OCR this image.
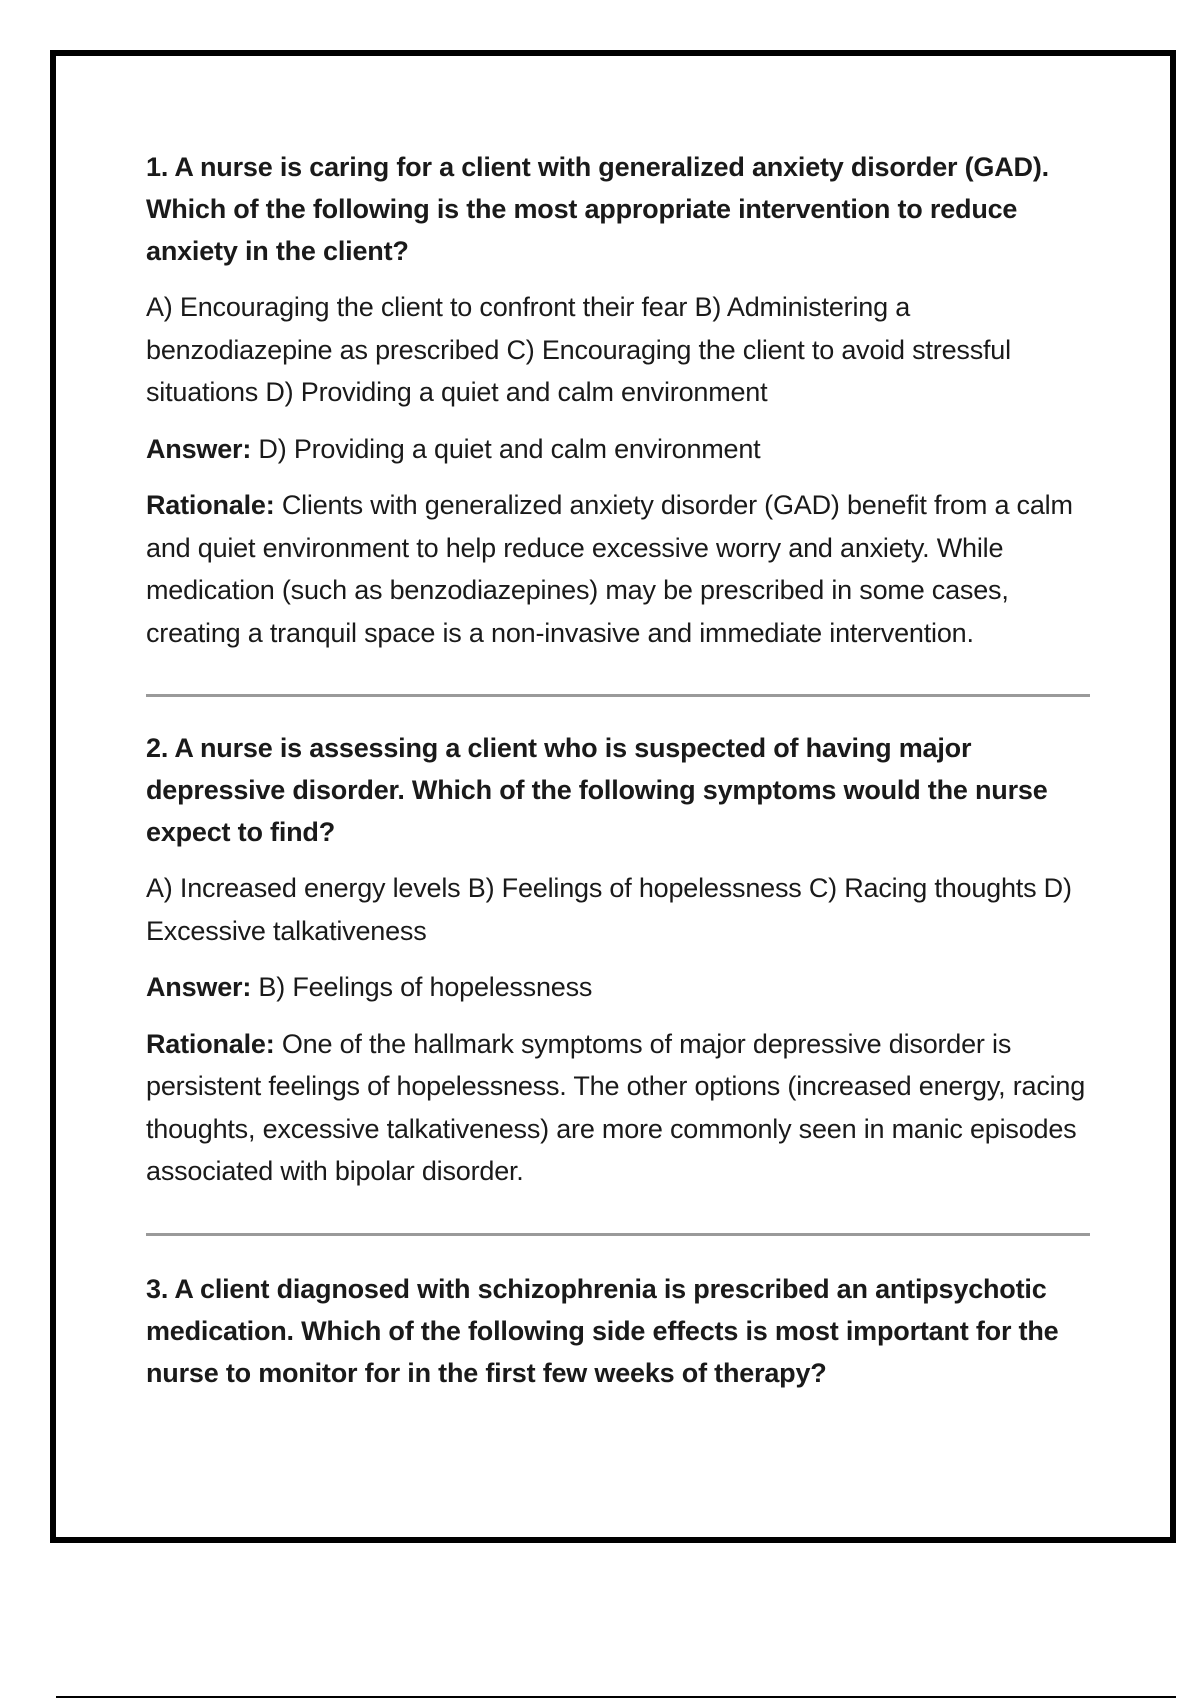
1. A nurse is caring for a client with generalized anxiety disorder (GAD). Which of the following is the most appropriate intervention to reduce anxiety in the client?

A) Encouraging the client to confront their fear B) Administering a benzodiazepine as prescribed C) Encouraging the client to avoid stressful situations D) Providing a quiet and calm environment

Answer: D) Providing a quiet and calm environment

Rationale: Clients with generalized anxiety disorder (GAD) benefit from a calm and quiet environment to help reduce excessive worry and anxiety. While medication (such as benzodiazepines) may be prescribed in some cases, creating a tranquil space is a non-invasive and immediate intervention.

2. A nurse is assessing a client who is suspected of having major depressive disorder. Which of the following symptoms would the nurse expect to find?

A) Increased energy levels B) Feelings of hopelessness C) Racing thoughts D) Excessive talkativeness

Answer: B) Feelings of hopelessness

Rationale: One of the hallmark symptoms of major depressive disorder is persistent feelings of hopelessness. The other options (increased energy, racing thoughts, excessive talkativeness) are more commonly seen in manic episodes associated with bipolar disorder.

3. A client diagnosed with schizophrenia is prescribed an antipsychotic medication. Which of the following side effects is most important for the nurse to monitor for in the first few weeks of therapy?
